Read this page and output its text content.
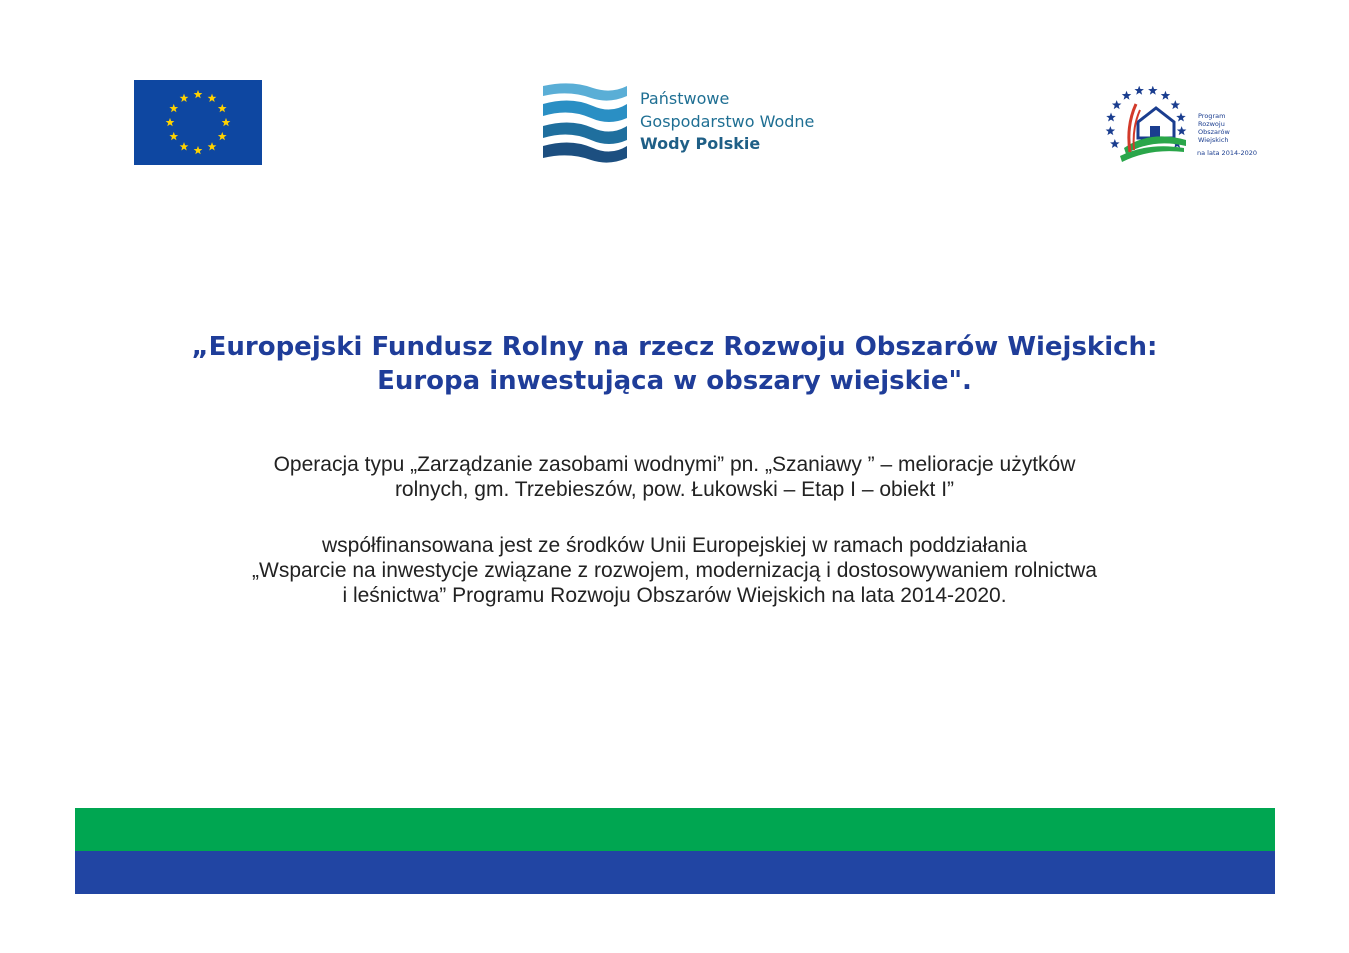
Państwowe
Gospodarstwo Wodne
Wody Polskie
Program
Rozwoju
Obszarów
Wiejskich
na lata 2014-2020
„Europejski Fundusz Rolny na rzecz Rozwoju Obszarów Wiejskich:
Europa inwestująca w obszary wiejskie".
Operacja typu „Zarządzanie zasobami wodnymi” pn. „Szaniawy ” – melioracje użytków
rolnych, gm. Trzebieszów, pow. Łukowski – Etap I – obiekt I”
współfinansowana jest ze środków Unii Europejskiej w ramach poddziałania
„Wsparcie na inwestycje związane z rozwojem, modernizacją i dostosowywaniem rolnictwa
i leśnictwa” Programu Rozwoju Obszarów Wiejskich na lata 2014-2020.
